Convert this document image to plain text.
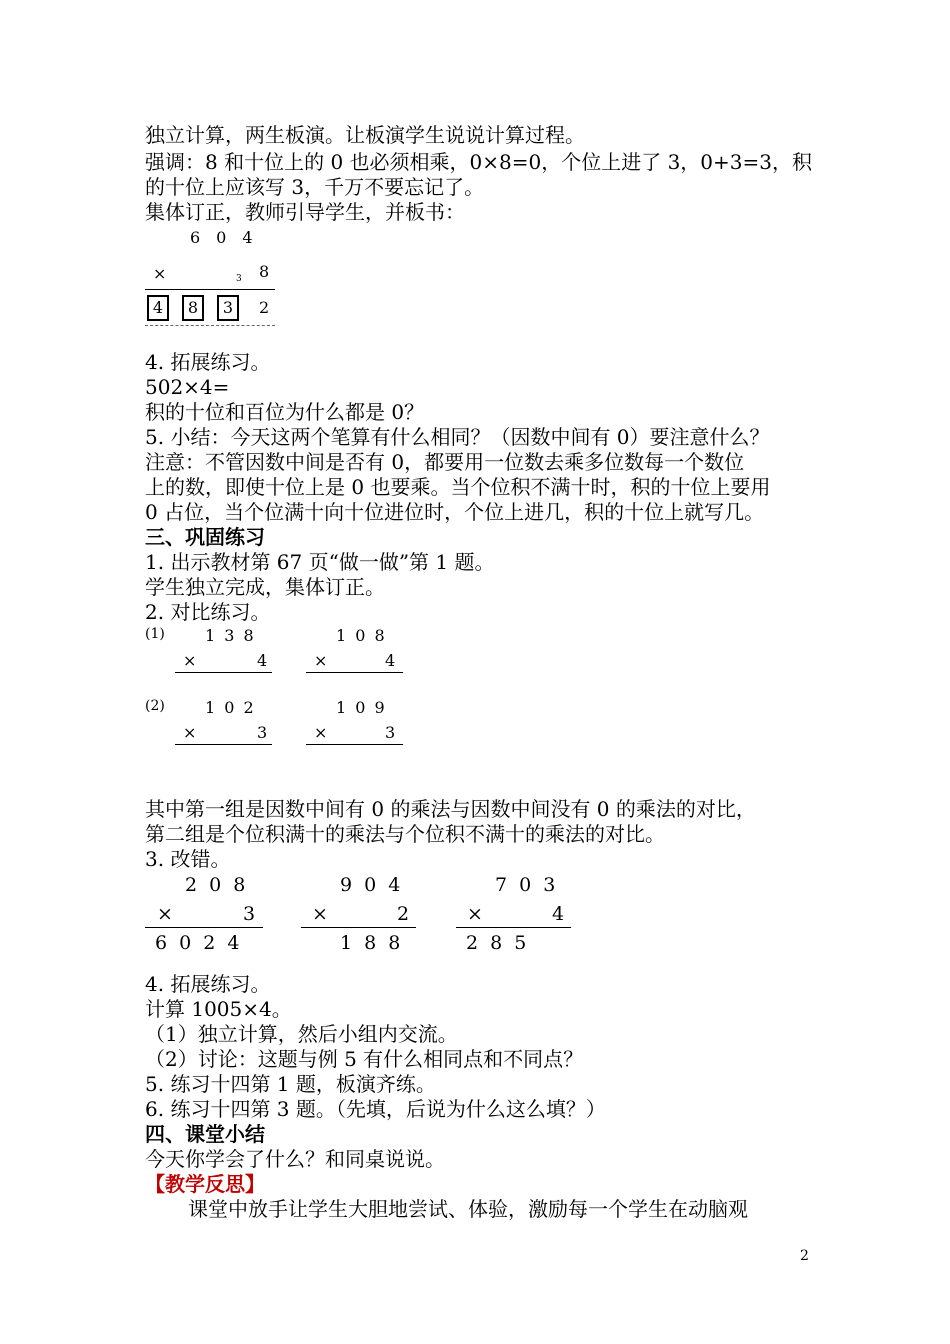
独立计算，两生板演。让板演学生说说计算过程。
强调：8 和十位上的 0 也必须相乘，0×8=0，个位上进了 3，0+3=3，积
的十位上应该写 3，千万不要忘记了。
集体订正，教师引导学生，并板书：
6　0　4
×	3 8
4	8	3	2
4. 拓展练习。
502×4=
积的十位和百位为什么都是 0？
5. 小结：今天这两个笔算有什么相同？（因数中间有 0）要注意什么？
注意：不管因数中间是否有 0，都要用一位数去乘多位数每一个数位
上的数，即使十位上是 0 也要乘。当个位积不满十时，积的十位上要用
0 占位，当个位满十向十位进位时，个位上进几，积的十位上就写几。
三、巩固练习
1. 出示教材第 67 页“做一做”第 1 题。
学生独立完成，集体订正。
2. 对比练习。
(1)	1 3 8
×	4
1 0 8
×	4
(2)	1 0 2
×	3
1 0 9
×	3
其中第一组是因数中间有 0 的乘法与因数中间没有 0 的乘法的对比，
第二组是个位积满十的乘法与个位积不满十的乘法的对比。
3. 改错。
2 0 8
×	3
6 0 2 4
9 0 4
×	2
1 8 8
7 0 3
×	4
2 8 5
4. 拓展练习。
计算 1005×4。
（1）独立计算，然后小组内交流。
（2）讨论：这题与例 5 有什么相同点和不同点？
5. 练习十四第 1 题，板演齐练。
6. 练习十四第 3 题。（先填，后说为什么这么填？）
四、课堂小结
今天你学会了什么？和同桌说说。
【教学反思】
课堂中放手让学生大胆地尝试、体验，激励每一个学生在动脑观
2
